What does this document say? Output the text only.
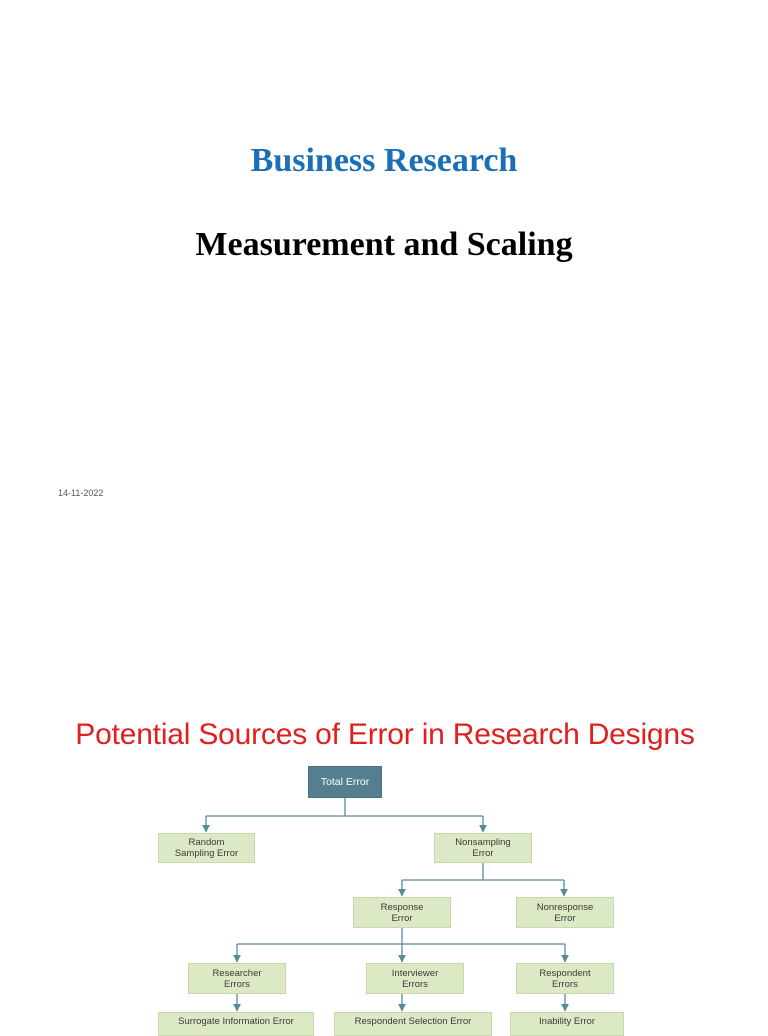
Business Research
Measurement and Scaling
14-11-2022
Potential Sources of Error in Research Designs
Total Error
Random
Sampling Error
Nonsampling
Error
Response
Error
Nonresponse
Error
Researcher
Errors
Interviewer
Errors
Respondent
Errors
Surrogate Information Error	Respondent Selection Error	Inability Error
